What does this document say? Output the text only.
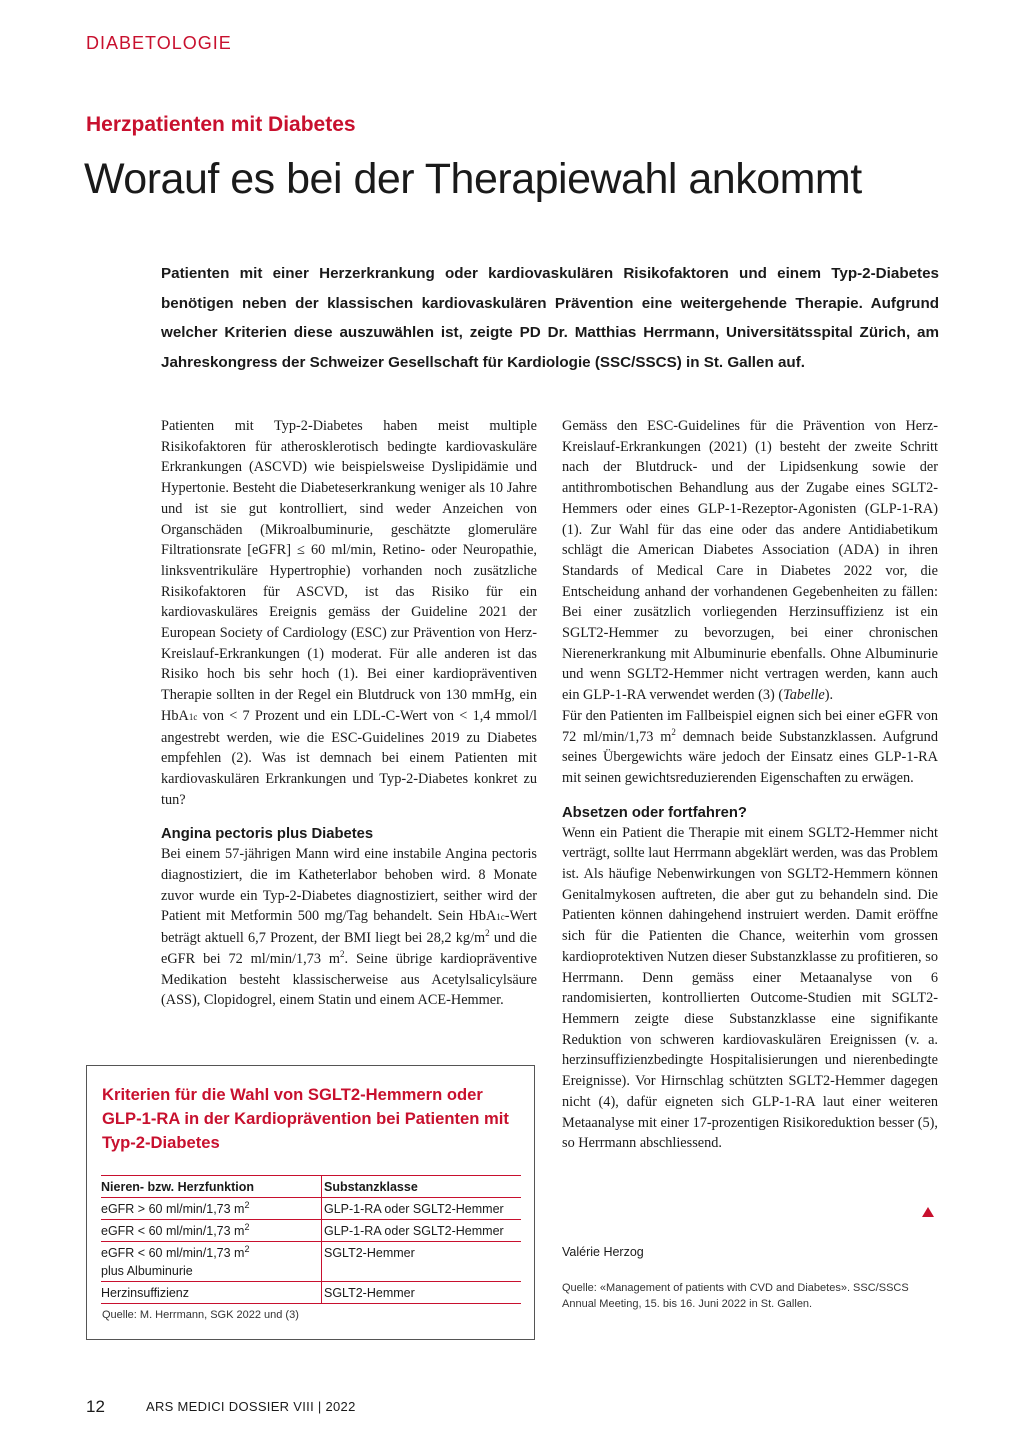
DIABETOLOGIE
Herzpatienten mit Diabetes
Worauf es bei der Therapiewahl ankommt

Patienten mit einer Herzerkrankung oder kardiovaskulären Risikofaktoren und einem Typ-2-Diabetes benötigen neben der klassischen kardiovaskulären Prävention eine weitergehende Therapie. Aufgrund welcher Kriterien diese auszuwählen ist, zeigte PD Dr. Matthias Herrmann, Universitätsspital Zürich, am Jahreskongress der Schweizer Gesellschaft für Kardiologie (SSC/SSCS) in St. Gallen auf.

Patienten mit Typ-2-Diabetes haben meist multiple Risikofaktoren für atherosklerotisch bedingte kardiovaskuläre Erkrankungen (ASCVD) wie beispielsweise Dyslipidämie und Hypertonie. Besteht die Diabeteserkrankung weniger als 10 Jahre und ist sie gut kontrolliert, sind weder Anzeichen von Organschäden (Mikroalbuminurie, geschätzte glomeruläre Filtrationsrate [eGFR] ≤ 60 ml/min, Retino- oder Neuropathie, linksventrikuläre Hypertrophie) vorhanden noch zusätzliche Risikofaktoren für ASCVD, ist das Risiko für ein kardiovaskuläres Ereignis gemäss der Guideline 2021 der European Society of Cardiology (ESC) zur Prävention von Herz-Kreislauf-Erkrankungen (1) moderat. Für alle anderen ist das Risiko hoch bis sehr hoch (1). Bei einer kardiopräventiven Therapie sollten in der Regel ein Blutdruck von 130 mmHg, ein HbA1c von < 7 Prozent und ein LDL-C-Wert von < 1,4 mmol/l angestrebt werden, wie die ESC-Guidelines 2019 zu Diabetes empfehlen (2). Was ist demnach bei einem Patienten mit kardiovaskulären Erkrankungen und Typ-2-Diabetes konkret zu tun?

Angina pectoris plus Diabetes

Bei einem 57-jährigen Mann wird eine instabile Angina pectoris diagnostiziert, die im Katheterlabor behoben wird. 8 Monate zuvor wurde ein Typ-2-Diabetes diagnostiziert, seither wird der Patient mit Metformin 500 mg/Tag behandelt. Sein HbA1c-Wert beträgt aktuell 6,7 Prozent, der BMI liegt bei 28,2 $kg/m^2$ und die eGFR bei 72 ml/min/1,73 $m^2$. Seine übrige kardiopräventive Medikation besteht klassischerweise aus Acetylsalicylsäure (ASS), Clopidogrel, einem Statin und einem ACE-Hemmer.

Gemäss den ESC-Guidelines für die Prävention von Herz-Kreislauf-Erkrankungen (2021) (1) besteht der zweite Schritt nach der Blutdruck- und der Lipidsenkung sowie der antithrombotischen Behandlung aus der Zugabe eines SGLT2-Hemmers oder eines GLP-1-Rezeptor-Agonisten (GLP-1-RA) (1). Zur Wahl für das eine oder das andere Antidiabetikum schlägt die American Diabetes Association (ADA) in ihren Standards of Medical Care in Diabetes 2022 vor, die Entscheidung anhand der vorhandenen Gegebenheiten zu fällen: Bei einer zusätzlich vorliegenden Herzinsuffizienz ist ein SGLT2-Hemmer zu bevorzugen, bei einer chronischen Nierenerkrankung mit Albuminurie ebenfalls. Ohne Albuminurie und wenn SGLT2-Hemmer nicht vertragen werden, kann auch ein GLP-1-RA verwendet werden (3) (Tabelle).

Für den Patienten im Fallbeispiel eignen sich bei einer eGFR von 72 ml/min/1,73 $m^2$ demnach beide Substanzklassen. Aufgrund seines Übergewichts wäre jedoch der Einsatz eines GLP-1-RA mit seinen gewichtsreduzierenden Eigenschaften zu erwägen.

Absetzen oder fortfahren?

Wenn ein Patient die Therapie mit einem SGLT2-Hemmer nicht verträgt, sollte laut Herrmann abgeklärt werden, was das Problem ist. Als häufige Nebenwirkungen von SGLT2-Hemmern können Genitalmykosen auftreten, die aber gut zu behandeln sind. Die Patienten können dahingehend instruiert werden. Damit eröffne sich für die Patienten die Chance, weiterhin vom grossen kardioprotektiven Nutzen dieser Substanzklasse zu profitieren, so Herrmann. Denn gemäss einer Metaanalyse von 6 randomisierten, kontrollierten Outcome-Studien mit SGLT2-Hemmern zeigte diese Substanzklasse eine signifikante Reduktion von schweren kardiovaskulären Ereignissen (v. a. herzinsuffizienzbedingte Hospitalisierungen und nierenbedingte Ereignisse). Vor Hirnschlag schützten SGLT2-Hemmer dagegen nicht (4), dafür eigneten sich GLP-1-RA laut einer weiteren Metaanalyse mit einer 17-prozentigen Risikoreduktion besser (5), so Herrmann abschliessend.

Valérie Herzog
Quelle: «Management of patients with CVD and Diabetes». SSC/SSCS Annual Meeting, 15. bis 16. Juni 2022 in St. Gallen.

Kriterien für die Wahl von SGLT2-Hemmern oder GLP-1-RA in der Kardioprävention bei Patienten mit Typ-2-Diabetes

Nieren- bzw. Herzfunktion	Substanzklasse
eGFR > 60 ml/min/1,73 $m^2$	GLP-1-RA oder SGLT2-Hemmer
eGFR < 60 ml/min/1,73 $m^2$	GLP-1-RA oder SGLT2-Hemmer
eGFR < 60 ml/min/1,73 $m^2$
plus Albuminurie	SGLT2-Hemmer
Herzinsuffizienz	SGLT2-Hemmer
Quelle: M. Herrmann, SGK 2022 und (3)
12	ARS MEDICI DOSSIER VIII | 2022
